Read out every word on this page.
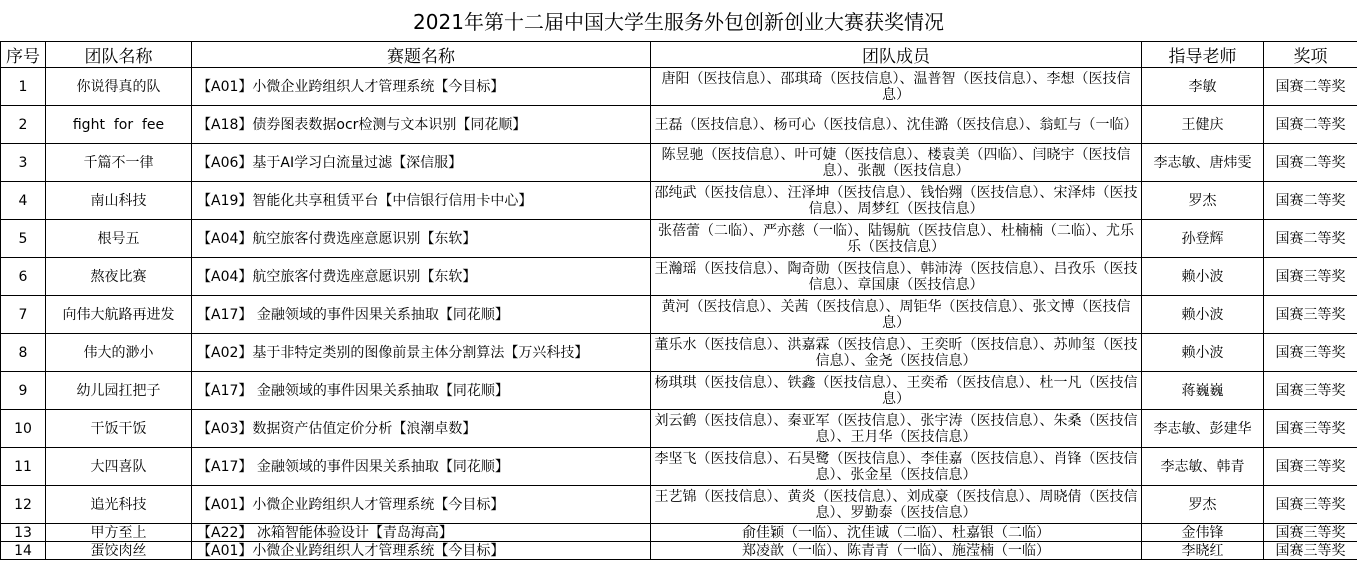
2021年第十二届中国大学生服务外包创新创业大赛获奖情况
序号	团队名称	赛题名称	团队成员	指导老师	奖项
1	你说得真的队	【A01】小微企业跨组织人才管理系统【今目标】	唐阳（医技信息）、邵琪琦（医技信息）、温普智（医技信息）、李想（医技信息）	李敏	国赛二等奖
2	fight  for  fee	【A18】债券图表数据ocr检测与文本识别【同花顺】	王磊（医技信息）、杨可心（医技信息）、沈佳潞（医技信息）、翁虹与（一临）	王健庆	国赛二等奖
3	千篇不一律	【A06】基于AI学习白流量过滤【深信服】	陈昱驰（医技信息）、叶可婕（医技信息）、楼袁美（四临）、闫晓宇（医技信息）、张靓（医技信息）	李志敏、唐炜雯	国赛二等奖
4	南山科技	【A19】智能化共享租赁平台【中信银行信用卡中心】	邵纯武（医技信息）、汪泽坤（医技信息）、钱怡翙（医技信息）、宋泽炜（医技信息）、周梦红（医技信息）	罗杰	国赛二等奖
5	根号五	【A04】航空旅客付费选座意愿识别【东软】	张蓓蕾（二临）、严亦慈（一临）、陆锡航（医技信息）、杜楠楠（二临）、尤乐乐（医技信息）	孙登辉	国赛二等奖
6	熬夜比赛	【A04】航空旅客付费选座意愿识别【东软】	王瀚瑶（医技信息）、陶奇勋（医技信息）、韩沛涛（医技信息）、吕孜乐（医技信息）、章国康（医技信息）	赖小波	国赛三等奖
7	向伟大航路再进发	【A17】 金融领域的事件因果关系抽取【同花顺】	黄河（医技信息）、关茜（医技信息）、周钜华（医技信息）、张文博（医技信息）	赖小波	国赛三等奖
8	伟大的渺小	【A02】基于非特定类别的图像前景主体分割算法【万兴科技】	董乐水（医技信息）、洪嘉霖（医技信息）、王奕昕（医技信息）、苏帅玺（医技信息）、金尧（医技信息）	赖小波	国赛三等奖
9	幼儿园扛把子	【A17】 金融领域的事件因果关系抽取【同花顺】	杨琪琪（医技信息）、铁鑫（医技信息）、王奕希（医技信息）、杜一凡（医技信息）	蒋巍巍	国赛三等奖
10	干饭干饭	【A03】数据资产估值定价分析【浪潮卓数】	刘云鹤（医技信息）、秦亚军（医技信息）、张宇涛（医技信息）、朱桑（医技信息）、王月华（医技信息）	李志敏、彭建华	国赛三等奖
11	大四喜队	【A17】 金融领域的事件因果关系抽取【同花顺】	李坚飞（医技信息）、石昊鹭（医技信息）、李佳嘉（医技信息）、肖锋（医技信息）、张金星（医技信息）	李志敏、韩青	国赛三等奖
12	追光科技	【A01】小微企业跨组织人才管理系统【今目标】	王艺锦（医技信息）、黄炎（医技信息）、刘成豪（医技信息）、周晓倩（医技信息）、罗勤泰（医技信息）	罗杰	国赛三等奖
13	甲方至上	【A22】 冰箱智能体验设计【青岛海高】	俞佳颖（一临）、沈佳诚（二临）、杜嘉银（二临）	金伟锋	国赛三等奖
14	蛋饺肉丝	【A01】小微企业跨组织人才管理系统【今目标】	郑凌歆（一临）、陈青青（一临）、施滢楠（一临）	李晓红	国赛三等奖
